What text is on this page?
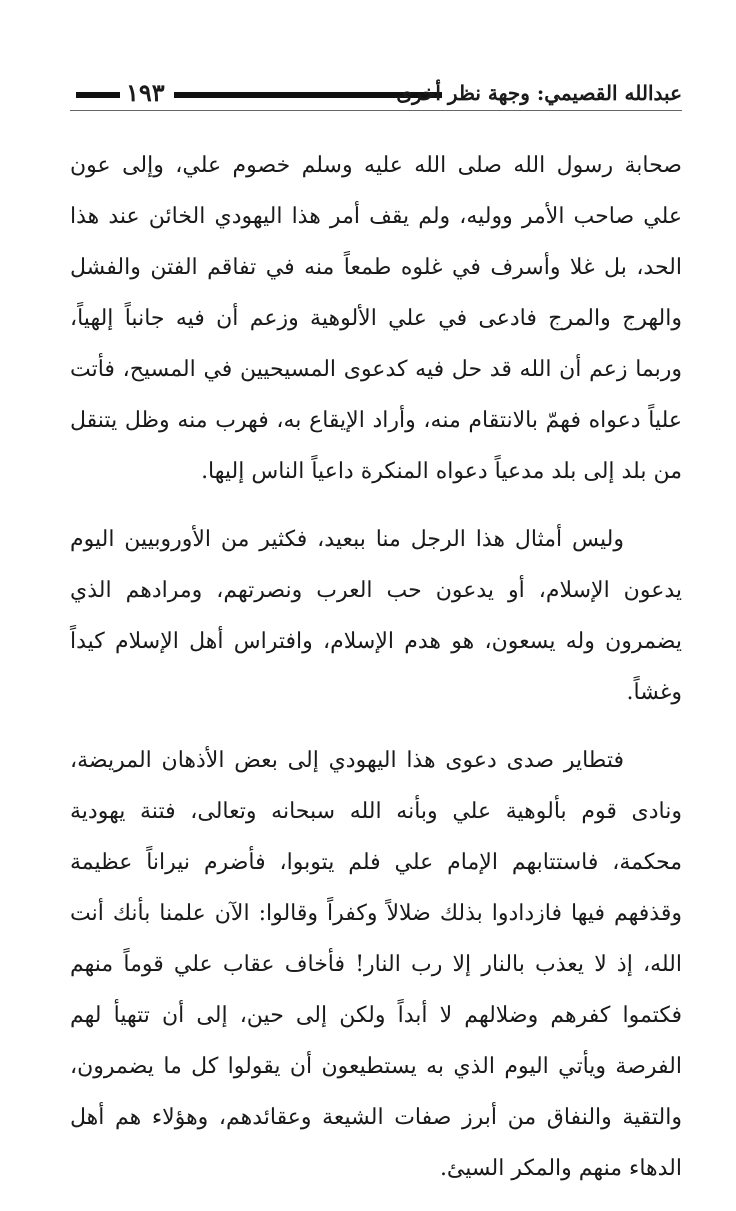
١٩٣	عبدالله القصيمي: وجهة نظر أخرى

صحابة رسول الله صلى الله عليه وسلم خصوم علي، وإلى عون علي صاحب الأمر ووليه، ولم يقف أمر هذا اليهودي الخائن عند هذا الحد، بل غلا وأسرف في غلوه طمعاً منه في تفاقم الفتن والفشل والهرج والمرج فادعى في علي الألوهية وزعم أن فيه جانباً إلهياً، وربما زعم أن الله قد حل فيه كدعوى المسيحيين في المسيح، فأتت علياً دعواه فهمّ بالانتقام منه، وأراد الإيقاع به، فهرب منه وظل يتنقل من بلد إلى بلد مدعياً دعواه المنكرة داعياً الناس إليها.

وليس أمثال هذا الرجل منا ببعيد، فكثير من الأوروبيين اليوم يدعون الإسلام، أو يدعون حب العرب ونصرتهم، ومرادهم الذي يضمرون وله يسعون، هو هدم الإسلام، وافتراس أهل الإسلام كيداً وغشاً.

فتطاير صدى دعوى هذا اليهودي إلى بعض الأذهان المريضة، ونادى قوم بألوهية علي وبأنه الله سبحانه وتعالى، فتنة يهودية محكمة، فاستتابهم الإمام علي فلم يتوبوا، فأضرم نيراناً عظيمة وقذفهم فيها فازدادوا بذلك ضلالاً وكفراً وقالوا: الآن علمنا بأنك أنت الله، إذ لا يعذب بالنار إلا رب النار! فأخاف عقاب علي قوماً منهم فكتموا كفرهم وضلالهم لا أبداً ولكن إلى حين، إلى أن تتهيأ لهم الفرصة ويأتي اليوم الذي به يستطيعون أن يقولوا كل ما يضمرون، والتقية والنفاق من أبرز صفات الشيعة وعقائدهم، وهؤلاء هم أهل الدهاء منهم والمكر السيئ.
